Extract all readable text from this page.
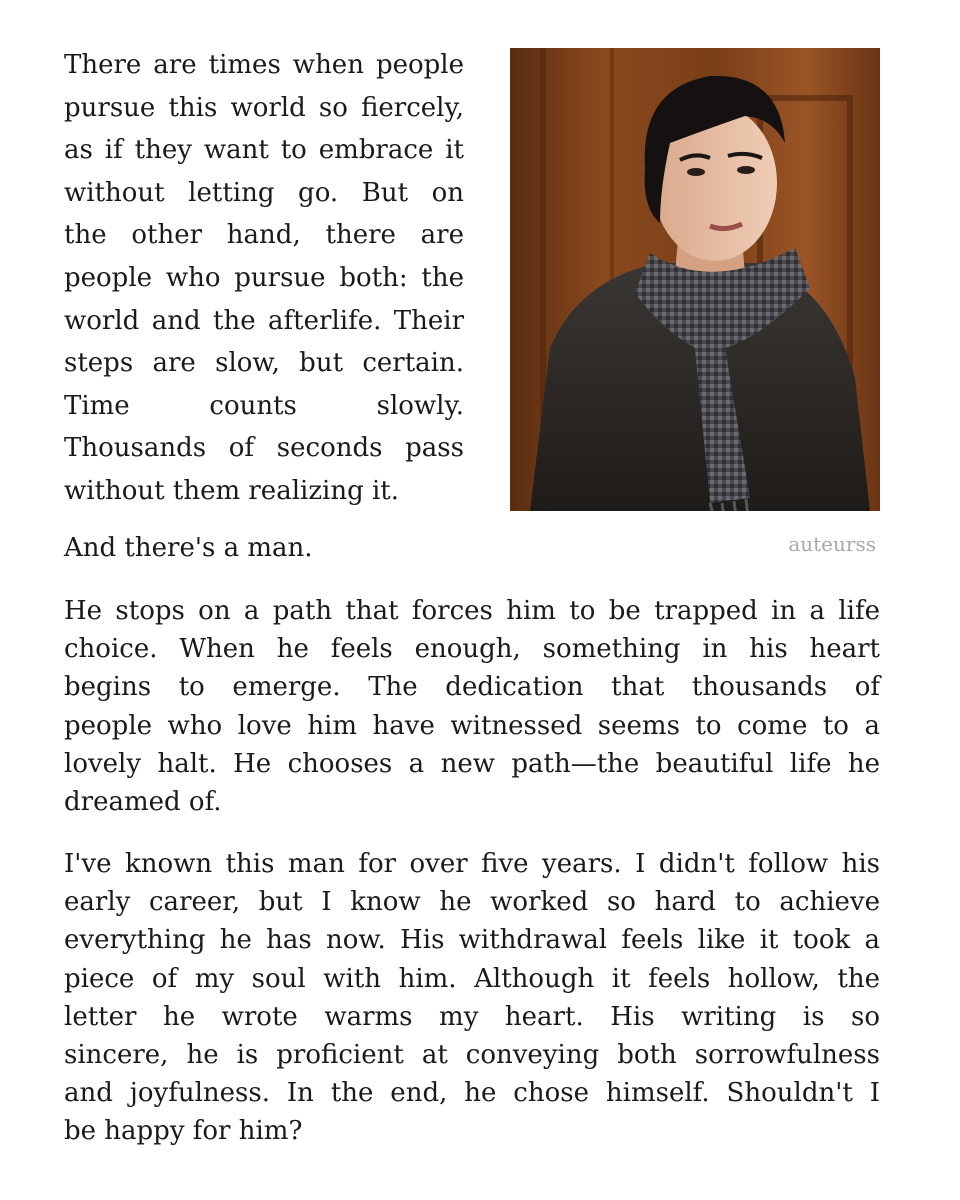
There are times when people
pursue this world so fiercely,
as if they want to embrace it
without letting go. But on
the other hand, there are
people who pursue both: the
world and the afterlife. Their
steps are slow, but certain.
Time counts slowly.
Thousands of seconds pass
without them realizing it.

auteurss

And there's a man.

He stops on a path that forces him to be trapped in a life
choice. When he feels enough, something in his heart
begins to emerge. The dedication that thousands of
people who love him have witnessed seems to come to a
lovely halt. He chooses a new path—the beautiful life he
dreamed of.

I've known this man for over five years. I didn't follow his
early career, but I know he worked so hard to achieve
everything he has now. His withdrawal feels like it took a
piece of my soul with him. Although it feels hollow, the
letter he wrote warms my heart. His writing is so
sincere, he is proficient at conveying both sorrowfulness
and joyfulness. In the end, he chose himself. Shouldn't I
be happy for him?
